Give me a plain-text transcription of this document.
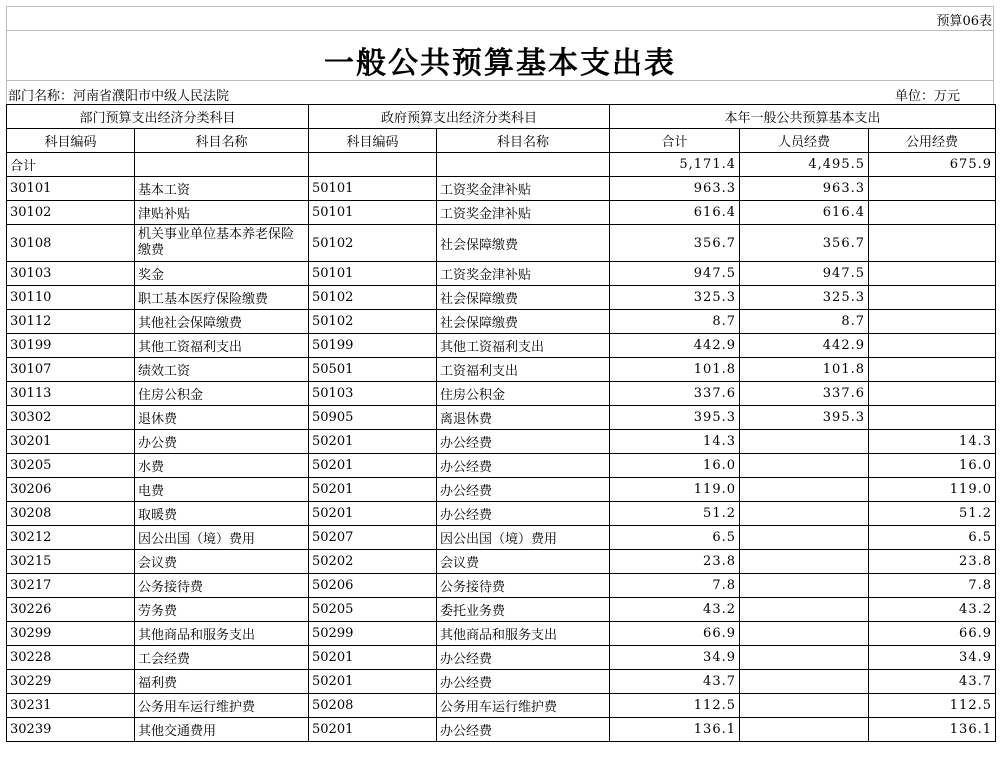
预算06表
一般公共预算基本支出表
部门名称：河南省濮阳市中级人民法院	单位：万元
部门预算支出经济分类科目		政府预算支出经济分类科目		本年一般公共预算基本支出		
科目编码	科目名称	科目编码	科目名称	合计	人员经费	公用经费
合计				5,171.4	4,495.5	675.9
30101	基本工资	50101	工资奖金津补贴	963.3	963.3	
30102	津贴补贴	50101	工资奖金津补贴	616.4	616.4	
30108	机关事业单位基本养老保险缴费	50102	社会保障缴费	356.7	356.7	
30103	奖金	50101	工资奖金津补贴	947.5	947.5	
30110	职工基本医疗保险缴费	50102	社会保障缴费	325.3	325.3	
30112	其他社会保障缴费	50102	社会保障缴费	8.7	8.7	
30199	其他工资福利支出	50199	其他工资福利支出	442.9	442.9	
30107	绩效工资	50501	工资福利支出	101.8	101.8	
30113	住房公积金	50103	住房公积金	337.6	337.6	
30302	退休费	50905	离退休费	395.3	395.3	
30201	办公费	50201	办公经费	14.3		14.3
30205	水费	50201	办公经费	16.0		16.0
30206	电费	50201	办公经费	119.0		119.0
30208	取暖费	50201	办公经费	51.2		51.2
30212	因公出国（境）费用	50207	因公出国（境）费用	6.5		6.5
30215	会议费	50202	会议费	23.8		23.8
30217	公务接待费	50206	公务接待费	7.8		7.8
30226	劳务费	50205	委托业务费	43.2		43.2
30299	其他商品和服务支出	50299	其他商品和服务支出	66.9		66.9
30228	工会经费	50201	办公经费	34.9		34.9
30229	福利费	50201	办公经费	43.7		43.7
30231	公务用车运行维护费	50208	公务用车运行维护费	112.5		112.5
30239	其他交通费用	50201	办公经费	136.1		136.1
